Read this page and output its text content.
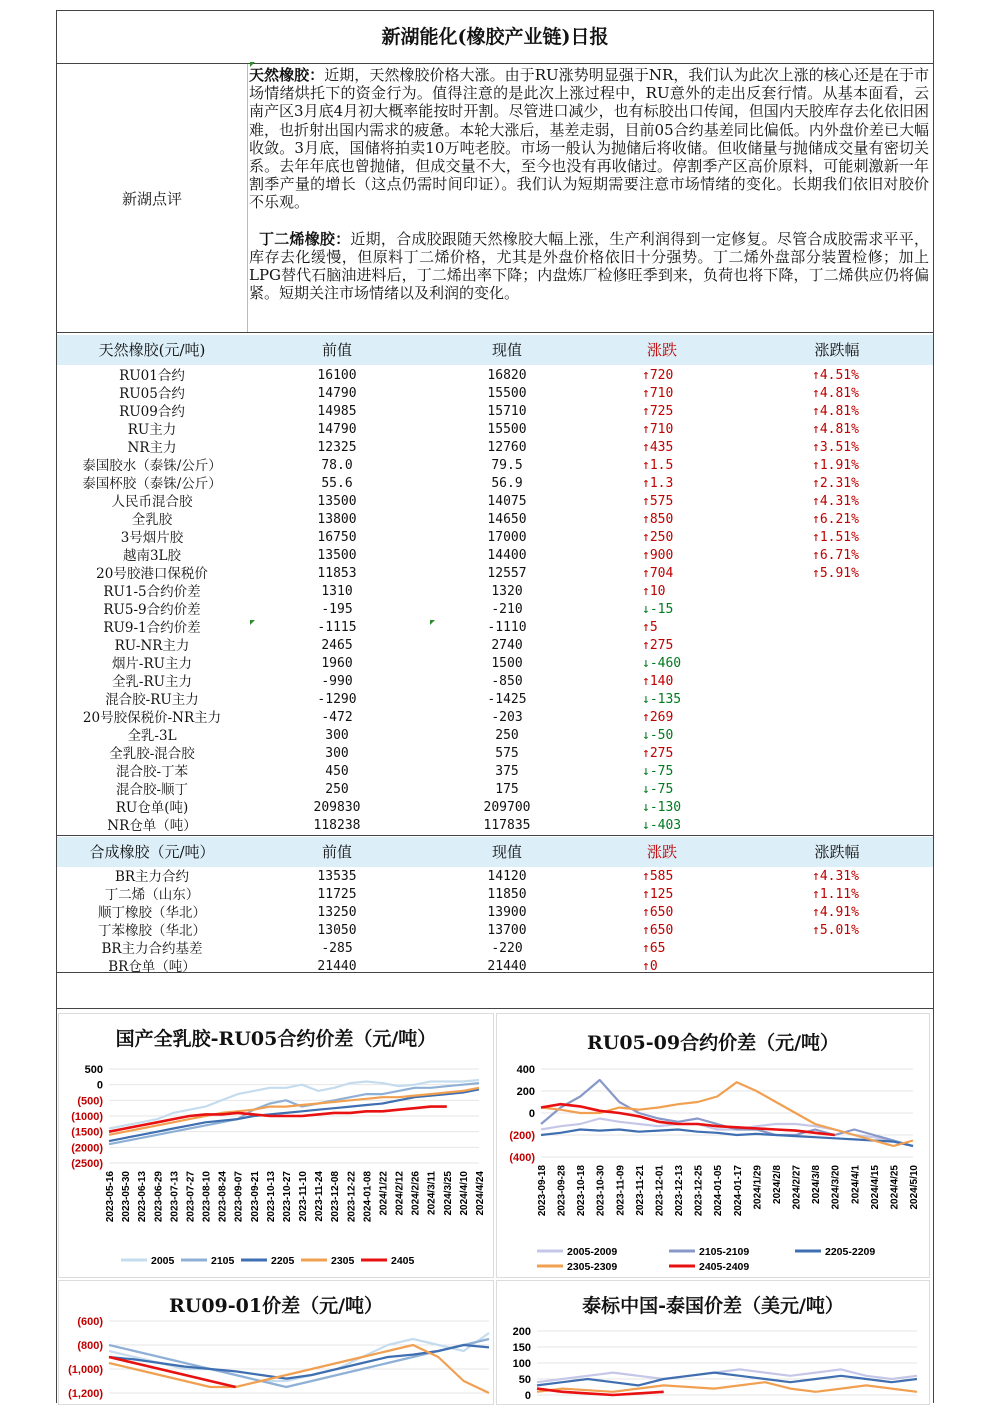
新湖能化(橡胶产业链)日报
新湖点评

天然橡胶：近期，天然橡胶价格大涨。由于RU涨势明显强于NR，我们认为此次上涨的核心还是在于市场情绪烘托下的资金行为。值得注意的是此次上涨过程中，RU意外的走出反套行情。从基本面看，云南产区3月底4月初大概率能按时开割。尽管进口减少，也有标胶出口传闻，但国内天胶库存去化依旧困难，也折射出国内需求的疲惫。本轮大涨后，基差走弱，目前05合约基差同比偏低。内外盘价差已大幅收敛。3月底，国储将拍卖10万吨老胶。市场一般认为抛储后将收储。但收储量与抛储成交量有密切关系。去年年底也曾抛储，但成交量不大，至今也没有再收储过。停割季产区高价原料，可能刺激新一年割季产量的增长（这点仍需时间印证）。我们认为短期需要注意市场情绪的变化。长期我们依旧对胶价不乐观。

丁二烯橡胶：近期，合成胶跟随天然橡胶大幅上涨，生产利润得到一定修复。尽管合成胶需求平平，库存去化缓慢，但原料丁二烯价格，尤其是外盘价格依旧十分强势。丁二烯外盘部分装置检修；加上LPG替代石脑油进料后，丁二烯出率下降；内盘炼厂检修旺季到来，负荷也将下降，丁二烯供应仍将偏紧。短期关注市场情绪以及利润的变化。

天然橡胶(元/吨)	前值	现值	涨跌	涨跌幅
RU01合约	16100	16820	↑720	↑4.51%
RU05合约	14790	15500	↑710	↑4.81%
RU09合约	14985	15710	↑725	↑4.81%
RU主力	14790	15500	↑710	↑4.81%
NR主力	12325	12760	↑435	↑3.51%
泰国胶水（泰铢/公斤）	78.0	79.5	↑1.5	↑1.91%
泰国杯胶（泰铢/公斤）	55.6	56.9	↑1.3	↑2.31%
人民币混合胶	13500	14075	↑575	↑4.31%
全乳胶	13800	14650	↑850	↑6.21%
3号烟片胶	16750	17000	↑250	↑1.51%
越南3L胶	13500	14400	↑900	↑6.71%
20号胶港口保税价	11853	12557	↑704	↑5.91%
RU1-5合约价差	1310	1320	↑10
RU5-9合约价差	-195	-210	↓-15
RU9-1合约价差	-1115	-1110	↑5
RU-NR主力	2465	2740	↑275
烟片-RU主力	1960	1500	↓-460
全乳-RU主力	-990	-850	↑140
混合胶-RU主力	-1290	-1425	↓-135
20号胶保税价-NR主力	-472	-203	↑269
全乳-3L	300	250	↓-50
全乳胶-混合胶	300	575	↑275
混合胶-丁苯	450	375	↓-75
混合胶-顺丁	250	175	↓-75
RU仓单(吨)	209830	209700	↓-130
NR仓单（吨）	118238	117835	↓-403
合成橡胶（元/吨）	前值	现值	涨跌	涨跌幅
BR主力合约	13535	14120	↑585	↑4.31%
丁二烯（山东）	11725	11850	↑125	↑1.11%
顺丁橡胶（华北）	13250	13900	↑650	↑4.91%
丁苯橡胶（华北）	13050	13700	↑650	↑5.01%
BR主力合约基差	-285	-220	↑65
BR仓单（吨）	21440	21440	↑0
国产全乳胶-RU05合约价差（元/吨）
500
0
(500)
(1000)
(1500)
(2000)
(2500)
2023-05-16 2023-05-30 2023-06-13 2023-06-29 2023-07-13 2023-07-27 2023-08-10 2023-08-24 2023-09-07 2023-09-21 2023-10-13 2023-10-27 2023-11-10 2023-11-24 2023-12-08 2023-12-22 2024-01-08 2024/1/22 2024/2/12 2024/2/26 2024/3/11 2024/3/25 2024/4/10 2024/4/24
2005	2105	2205	2305	2405
RU05-09合约价差（元/吨）
400
200
0
(200)
(400)
2023-09-18 2023-09-28 2023-10-18 2023-10-30 2023-11-09 2023-11-21 2023-12-01 2023-12-13 2023-12-25 2024-01-05 2024-01-17 2024/1/29 2024/2/8 2024/2/27 2024/3/8 2024/3/20 2024/4/1 2024/4/15 2024/4/25 2024/5/10
2005-2009	2105-2109	2205-2209
2305-2309	2405-2409
RU09-01价差（元/吨）
(600)
(800)
(1,000)
(1,200)
泰标中国-泰国价差（美元/吨）
200
150
100
50
0
